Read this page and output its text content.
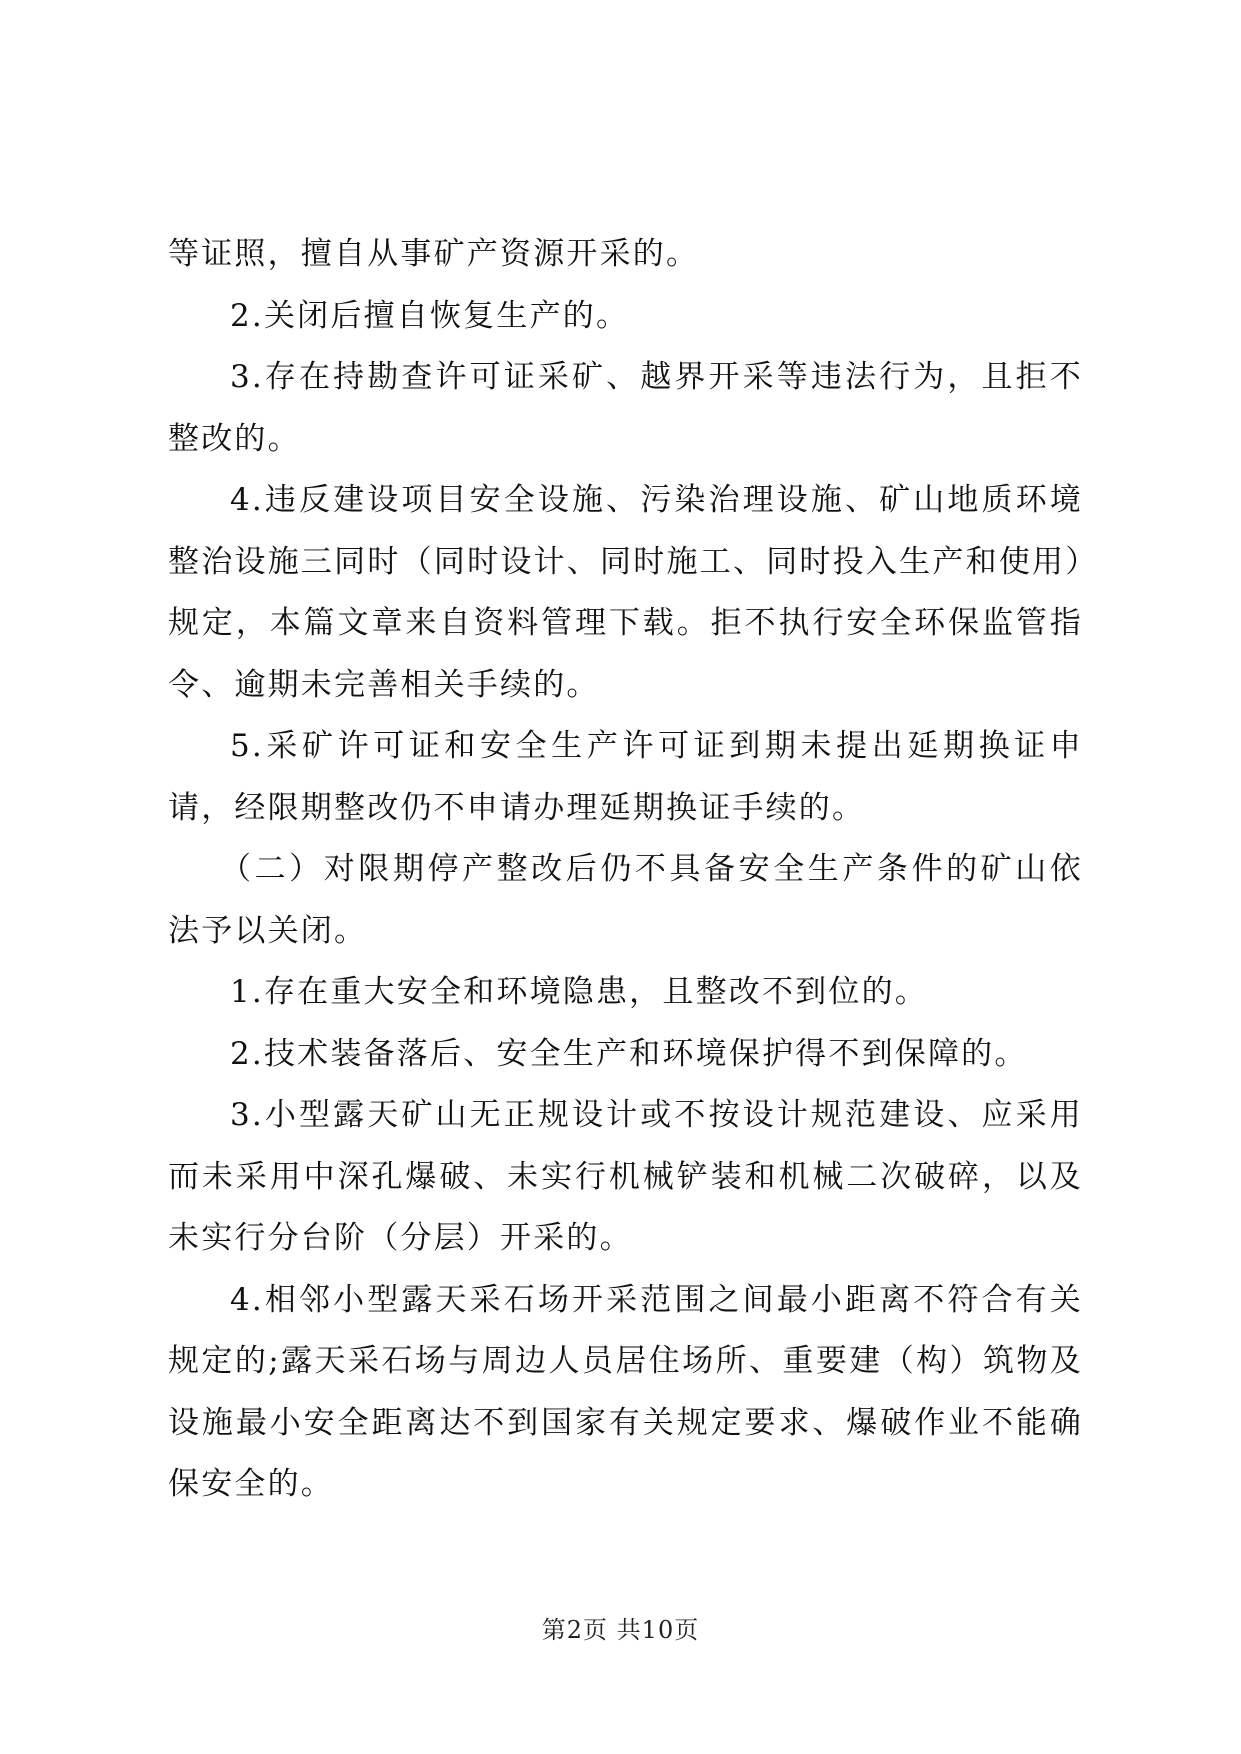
等证照，擅自从事矿产资源开采的。

2.关闭后擅自恢复生产的。

3.存在持勘查许可证采矿、越界开采等违法行为，且拒不整改的。

4.违反建设项目安全设施、污染治理设施、矿山地质环境整治设施三同时（同时设计、同时施工、同时投入生产和使用）规定，本篇文章来自资料管理下载。拒不执行安全环保监管指令、逾期未完善相关手续的。

5.采矿许可证和安全生产许可证到期未提出延期换证申请，经限期整改仍不申请办理延期换证手续的。

（二）对限期停产整改后仍不具备安全生产条件的矿山依法予以关闭。

1.存在重大安全和环境隐患，且整改不到位的。

2.技术装备落后、安全生产和环境保护得不到保障的。

3.小型露天矿山无正规设计或不按设计规范建设、应采用而未采用中深孔爆破、未实行机械铲装和机械二次破碎，以及未实行分台阶（分层）开采的。

4.相邻小型露天采石场开采范围之间最小距离不符合有关规定的;露天采石场与周边人员居住场所、重要建（构）筑物及设施最小安全距离达不到国家有关规定要求、爆破作业不能确保安全的。

第2页 共10页
